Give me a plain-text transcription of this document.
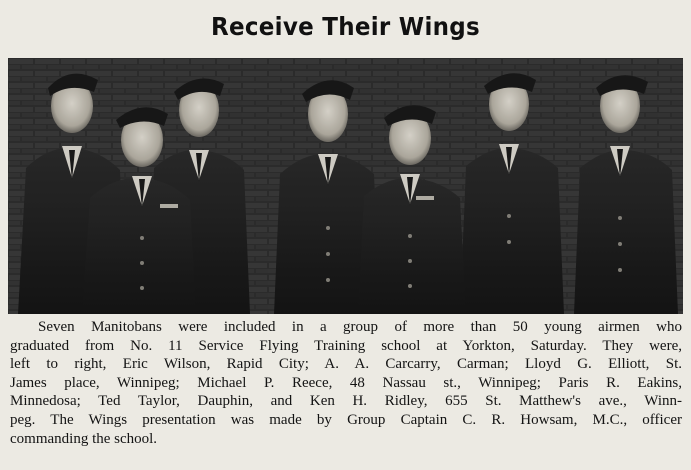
Receive Their Wings
Seven Manitobans were included in a group of more than 50 young airmen who
graduated from No. 11 Service Flying Training school at Yorkton, Saturday. They were,
left to right, Eric Wilson, Rapid City; A. A. Carcarry, Carman; Lloyd G. Elliott, St.
James place, Winnipeg; Michael P. Reece, 48 Nassau st., Winnipeg; Paris R. Eakins,
Minnedosa; Ted Taylor, Dauphin, and Ken H. Ridley, 655 St. Matthew's ave., Winn-
peg. The Wings presentation was made by Group Captain C. R. Howsam, M.C., officer
commanding the school.
